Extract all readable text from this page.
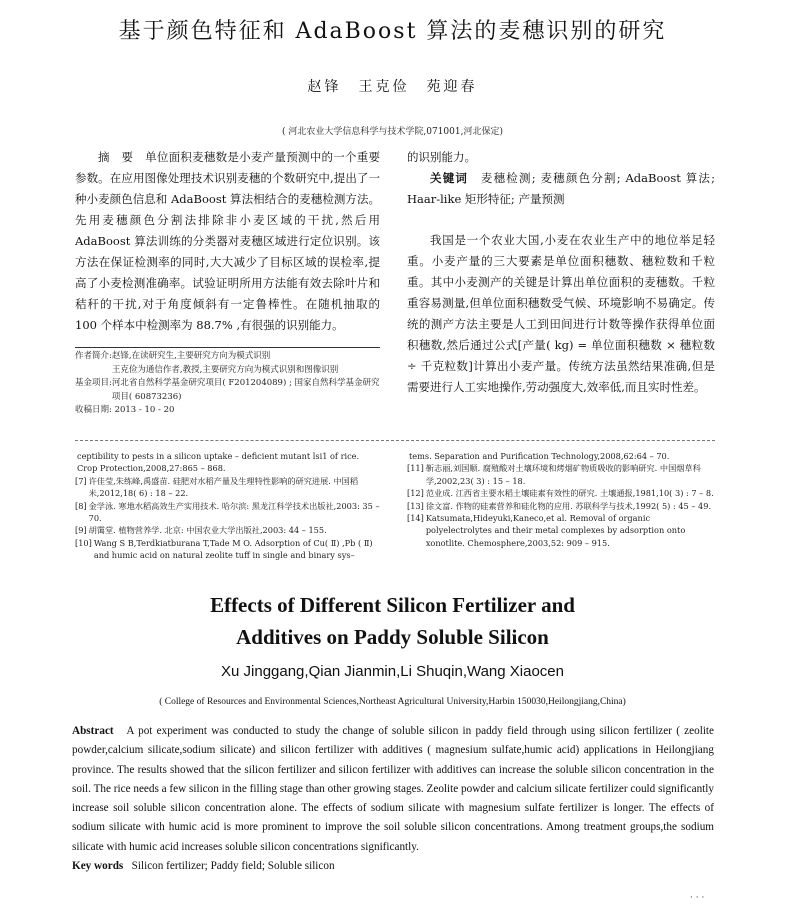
基于颜色特征和 AdaBoost 算法的麦穗识别的研究
赵锋　王克俭　苑迎春
( 河北农业大学信息科学与技术学院,071001,河北保定)

摘　要　 单位面积麦穗数是小麦产量预测中的一个重要参数。在应用图像处理技术识别麦穗的个数研究中,提出了一种小麦颜色信息和 AdaBoost 算法相结合的麦穗检测方法。先用麦穗颜色分割法排除非小麦区域的干扰,然后用 AdaBoost 算法训练的分类器对麦穗区域进行定位识别。该方法在保证检测率的同时,大大减少了目标区域的误检率,提高了小麦检测准确率。试验证明所用方法能有效去除叶片和秸秆的干扰,对于角度倾斜有一定鲁棒性。在随机抽取的 100 个样本中检测率为 88.7% ,有很强的识别能力。

的识别能力。

关键词　 麦穗检测; 麦穗颜色分割; AdaBoost 算法; Haar-like 矩形特征; 产量预测

我国是一个农业大国,小麦在农业生产中的地位举足轻重。小麦产量的三大要素是单位面积穗数、穗粒数和千粒重。其中小麦测产的关键是计算出单位面积的麦穗数。千粒重容易测量,但单位面积穗数受气候、环境影响不易确定。传统的测产方法主要是人工到田间进行计数等操作获得单位面积穗数,然后通过公式[产量( kg) = 单位面积穗数 × 穗粒数 ÷ 千克粒数]计算出小麦产量。传统方法虽然结果准确,但是需要进行人工实地操作,劳动强度大,效率低,而且实时性差。

作者简介: 赵锋,在读研究生,主要研究方向为模式识别
王克俭为通信作者,教授,主要研究方向为模式识别和图像识别
基金项目: 河北省自然科学基金研究项目( F201204089) ; 国家自然科学基金研究项目( 60873236)
收稿日期: 2013 - 10 - 20
ceptibility to pests in a silicon uptake – deficient mutant lsi1 of rice. Crop Protection,2008,27:865 – 868.
[7] 许佳莹,朱练峰,禹盛苗. 硅肥对水稻产量及生理特性影响的研究进展. 中国稻米,2012,18( 6) : 18 – 22.
[8] 金学泳. 寒地水稻高效生产实用技术. 哈尔滨: 黑龙江科学技术出版社,2003: 35 – 70.
[9] 胡霭堂. 植物营养学. 北京: 中国农业大学出版社,2003: 44 – 155.
[10] Wang S B,Terdkiatburana T,Tade M O. Adsorption of Cu( Ⅱ) ,Pb ( Ⅱ) and humic acid on natural zeolite tuff in single and binary sys–
tems. Separation and Purification Technology,2008,62:64 – 70.
[11] 靳志丽,刘国顺. 腐殖酸对土壤环境和烤烟矿物质吸收的影响研究. 中国烟草科学,2002,23( 3) : 15 – 18.
[12] 范业成. 江西省主要水稻土壤硅素有效性的研究. 土壤通报,1981,10( 3) : 7 – 8.
[13] 徐文富. 作物的硅素营养和硅化物的应用. 苏联科学与技术,1992( 5) : 45 – 49.
[14] Katsumata,Hideyuki,Kaneco,et al. Removal of organic polyelectrolytes and their metal complexes by adsorption onto xonotlite. Chemosphere,2003,52: 909 – 915.
Effects of Different Silicon Fertilizer and
Additives on Paddy Soluble Silicon
Xu Jinggang,Qian Jianmin,Li Shuqin,Wang Xiaocen
( College of Resources and Environmental Sciences,Northeast Agricultural University,Harbin 150030,Heilongjiang,China)
Abstract A pot experiment was conducted to study the change of soluble silicon in paddy field through using silicon fertilizer ( zeolite powder,calcium silicate,sodium silicate) and silicon fertilizer with additives ( magnesium sulfate,humic acid) applications in Heilongjiang province. The results showed that the silicon fertilizer and silicon fertilizer with additives can increase the soluble silicon concentration in the soil. The rice needs a few silicon in the filling stage than other growing stages. Zeolite powder and calcium silicate fertilizer could significantly increase soil soluble silicon concentration alone. The effects of sodium silicate with magnesium sulfate fertilizer is longer. The effects of sodium silicate with humic acid is more prominent to improve the soil soluble silicon concentrations. Among treatment groups,the sodium silicate with humic acid increases soluble silicon concentrations significantly.
Key words Silicon fertilizer; Paddy field; Soluble silicon
· · ·
